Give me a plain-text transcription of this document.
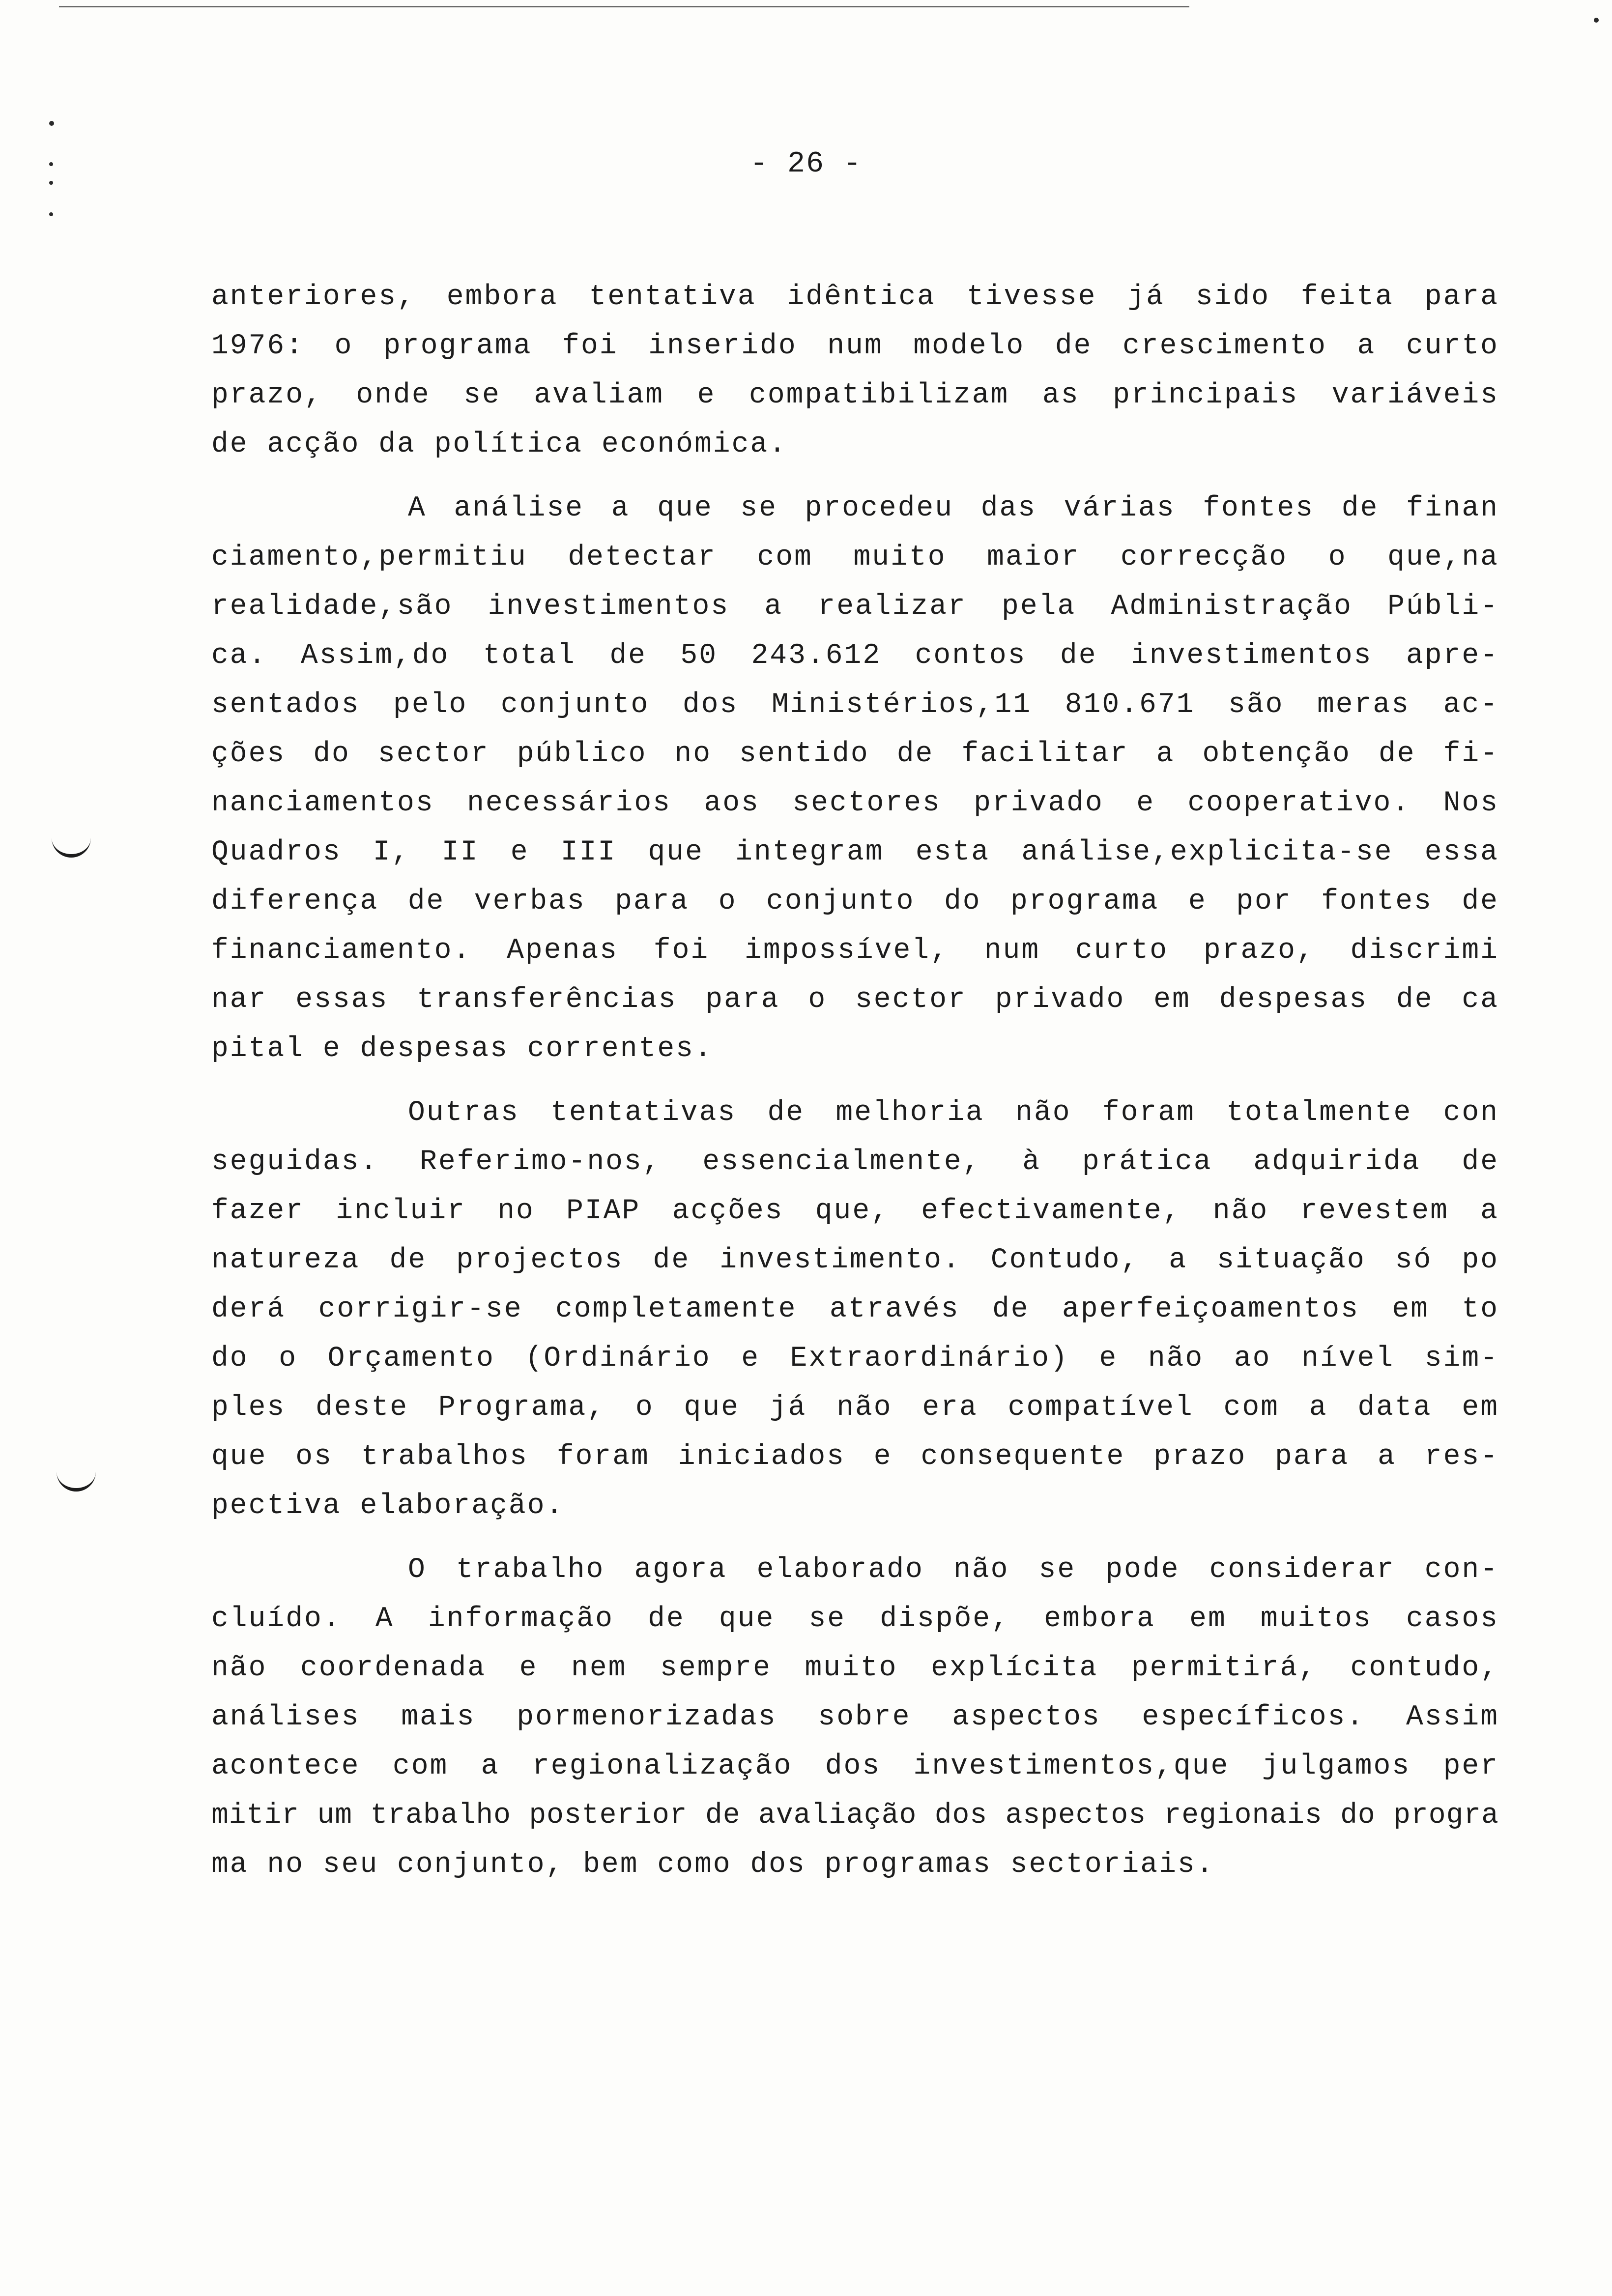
- 26 -
anteriores, embora tentativa idêntica tivesse já sido feita para
1976: o programa foi inserido num modelo de crescimento a curto
prazo, onde se avaliam e compatibilizam as principais variáveis
de acção da política económica.
A análise a que se procedeu das várias fontes de finan
ciamento,permitiu detectar com muito maior correcção o que,na
realidade,são investimentos a realizar pela Administração Públi-
ca. Assim,do total de 50 243.612 contos de investimentos apre-
sentados pelo conjunto dos Ministérios,11 810.671 são meras ac-
ções do sector público no sentido de facilitar a obtenção de fi-
nanciamentos necessários aos sectores privado e cooperativo. Nos
Quadros I, II e III que integram esta análise,explicita-se essa
diferença de verbas para o conjunto do programa e por fontes de
financiamento. Apenas foi impossível, num curto prazo, discrimi
nar essas transferências para o sector privado em despesas de ca
pital e despesas correntes.
Outras tentativas de melhoria não foram totalmente con
seguidas. Referimo-nos, essencialmente, à prática adquirida de
fazer incluir no PIAP acções que, efectivamente, não revestem a
natureza de projectos de investimento. Contudo, a situação só po
derá corrigir-se completamente através de aperfeiçoamentos em to
do o Orçamento (Ordinário e Extraordinário) e não ao nível sim-
ples deste Programa, o que já não era compatível com a data em
que os trabalhos foram iniciados e consequente prazo para a res-
pectiva elaboração.
O trabalho agora elaborado não se pode considerar con-
cluído. A informação de que se dispõe, embora em muitos casos
não coordenada e nem sempre muito explícita permitirá, contudo,
análises mais pormenorizadas sobre aspectos específicos. Assim
acontece com a regionalização dos investimentos,que julgamos per
mitir um trabalho posterior de avaliação dos aspectos regionais do progra
ma no seu conjunto, bem como dos programas sectoriais.
